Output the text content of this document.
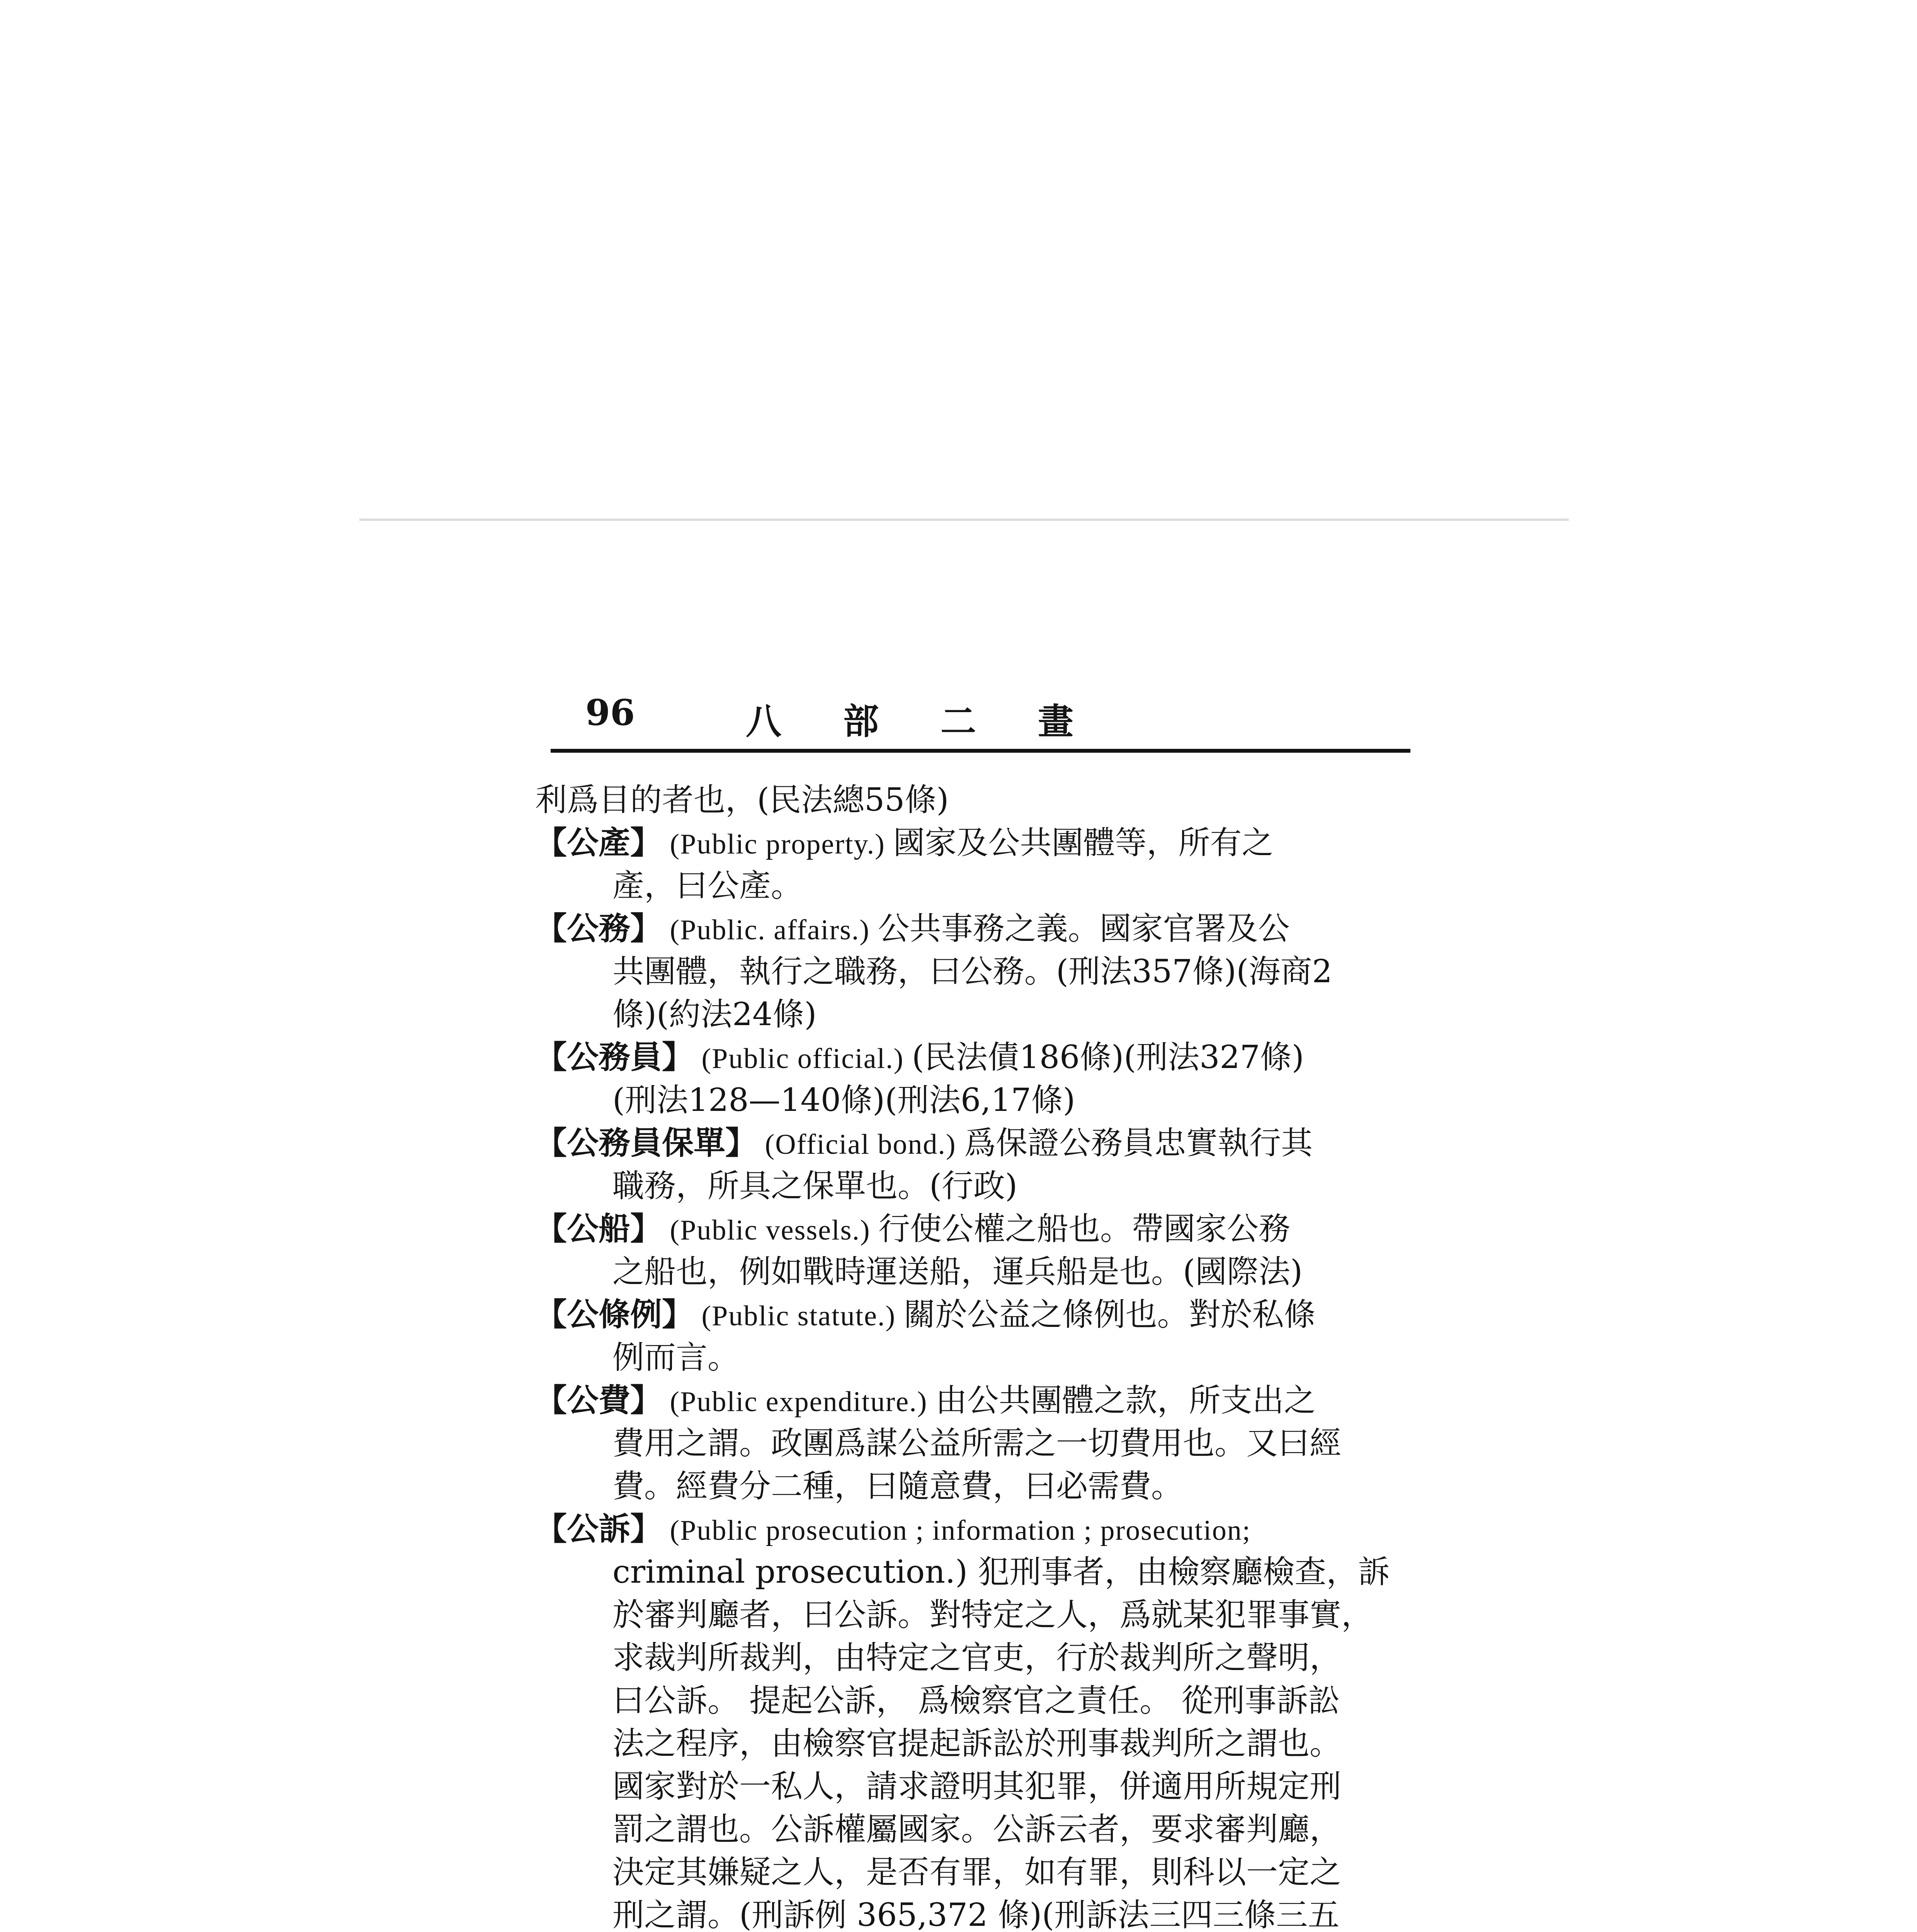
96	八 部 二 畫
利爲目的者也，(民法總55條)
【公產】 (Public property.) 國家及公共團體等，所有之
產，曰公產。
【公務】 (Public. affairs.) 公共事務之義。國家官署及公
共團體，執行之職務，曰公務。(刑法357條)(海商2
條)(約法24條)
【公務員】 (Public official.) (民法債186條)(刑法327條)
(刑法128—140條)(刑法6,17條)
【公務員保單】 (Official bond.) 爲保證公務員忠實執行其
職務，所具之保單也。(行政)
【公船】 (Public vessels.) 行使公權之船也。帶國家公務
之船也，例如戰時運送船，運兵船是也。(國際法)
【公條例】 (Public statute.) 關於公益之條例也。對於私條
例而言。
【公費】 (Public expenditure.) 由公共團體之款，所支出之
費用之謂。政團爲謀公益所需之一切費用也。又曰經
費。經費分二種，曰隨意費，曰必需費。
【公訴】 (Public prosecution ; information ; prosecution;
criminal prosecution.) 犯刑事者，由檢察廳檢查，訴
於審判廳者，曰公訴。對特定之人，爲就某犯罪事實，
求裁判所裁判，由特定之官吏，行於裁判所之聲明，
曰公訴。 提起公訴， 爲檢察官之責任。 從刑事訴訟
法之程序，由檢察官提起訴訟於刑事裁判所之謂也。
國家對於一私人，請求證明其犯罪，併適用所規定刑
罰之謂也。公訴權屬國家。公訴云者，要求審判廳，
決定其嫌疑之人，是否有罪，如有罪，則科以一定之
刑之謂。(刑訴例 365,372 條)(刑訴法三四三條三五
